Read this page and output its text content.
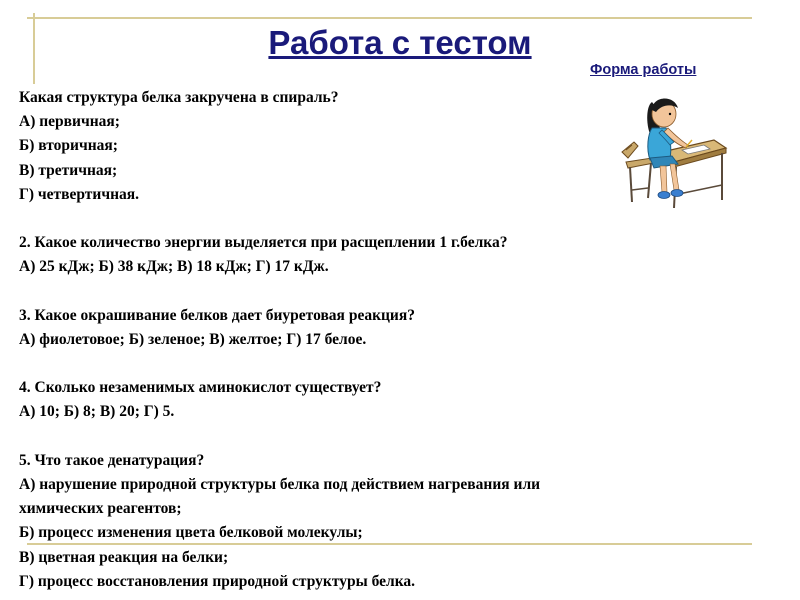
Работа с тестом
Форма работы
Какая структура белка закручена в спираль?
А) первичная;
Б) вторичная;
В) третичная;
Г) четвертичная.
2. Какое количество энергии выделяется при расщеплении 1 г.белка?
А) 25 кДж; Б) 38 кДж; В) 18 кДж; Г) 17 кДж.
3. Какое окрашивание белков дает биуретовая реакция?
А) фиолетовое; Б) зеленое; В) желтое; Г) 17 белое.
4. Сколько незаменимых аминокислот существует?
А) 10; Б) 8; В) 20; Г) 5.
5. Что такое денатурация?
А) нарушение природной структуры белка под действием нагревания или
химических реагентов;
Б) процесс изменения цвета белковой молекулы;
В) цветная реакция на белки;
Г) процесс восстановления природной структуры белка.
